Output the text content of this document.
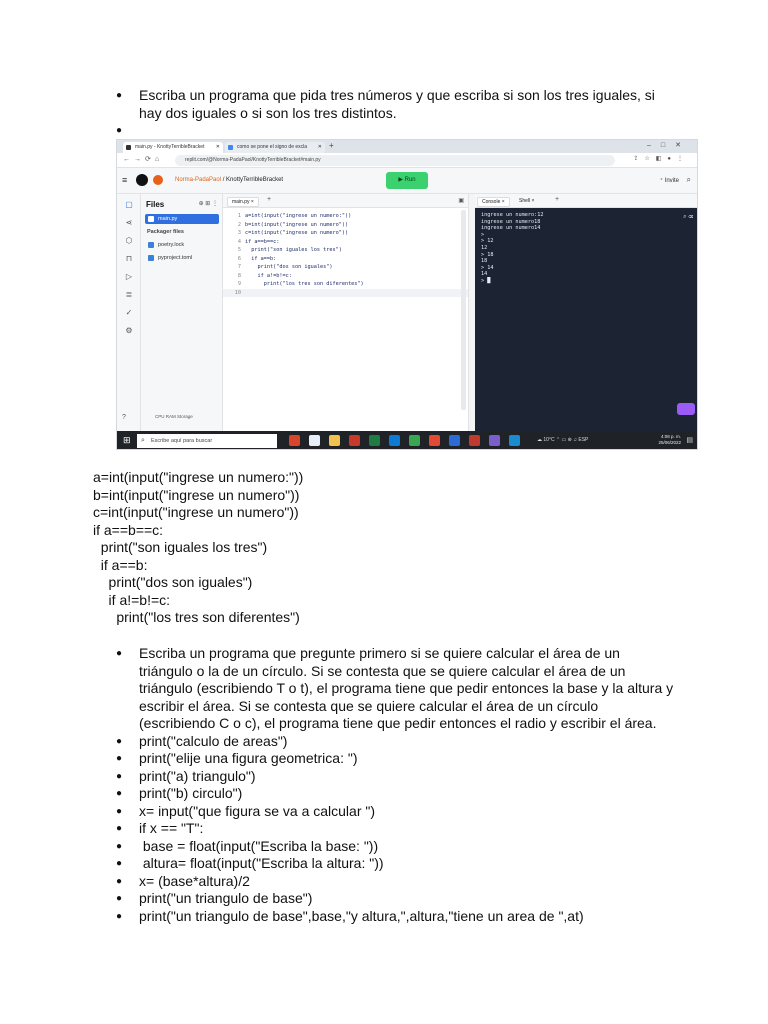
● Escriba un programa que pida tres números y que escriba si son los tres iguales, si hay dos iguales o si son los tres distintos.
●
main.py - KnottyTerribleBracket ✕	como se pone el signo de excla ✕ +	‒□✕
←→⟳⌂	replit.com/@Norma-PadaPaol/KnottyTerribleBracket#main.py	⇪☆◧●⋮
≡	Norma-PadaPaol / KnottyTerribleBracket	▶ Run	⁺ Invite ⌕
▢
⋖
⬡
⊓
▷
≣
✓
⚙
?
Files	⊕ ⊞ ⋮
main.py
Packager files
poetry.lock
pyproject.toml
CPU RAM Storage
main.py ×	+	▣
1 a=int(input("ingrese un numero:"))
2 b=int(input("ingrese un numero"))
3 c=int(input("ingrese un numero"))
4 if a==b==c:
5 print("son iguales los tres")
6 if a==b:
7 print("dos son iguales")
8 if a!=b!=c:
9 print("los tres son diferentes")
10
Console ×	Shell ×	+
ingrese un numero:12
ingrese un numero18
ingrese un numero14
>
> 12
12
> 18
18
> 14
14
> █
⌕ ⌫
⊞ ⌕ Escribe aquí para buscar	☁ 10°C ⌃ ▭ ⊛ ♫ ESP
4:08 p. m.
25/06/2022 ▤
a=int(input("ingrese un numero:"))
b=int(input("ingrese un numero"))
c=int(input("ingrese un numero"))
if a==b==c:
print("son iguales los tres")
if a==b:
print("dos son iguales")
if a!=b!=c:
print("los tres son diferentes")
● Escriba un programa que pregunte primero si se quiere calcular el área de un triángulo o la de un círculo. Si se contesta que se quiere calcular el área de un triángulo (escribiendo T o t), el programa tiene que pedir entonces la base y la altura y escribir el área. Si se contesta que se quiere calcular el área de un círculo (escribiendo C o c), el programa tiene que pedir entonces el radio y escribir el área.
● print("calculo de areas")
● print("elije una figura geometrica: ")
● print("a) triangulo")
● print("b) circulo")
● x= input("que figura se va a calcular ")
● if x == "T":
●  base = float(input("Escriba la base: "))
●  altura= float(input("Escriba la altura: "))
● x= (base*altura)/2
● print("un triangulo de base")
● print("un triangulo de base",base,"y altura,",altura,"tiene un area de ",at)
